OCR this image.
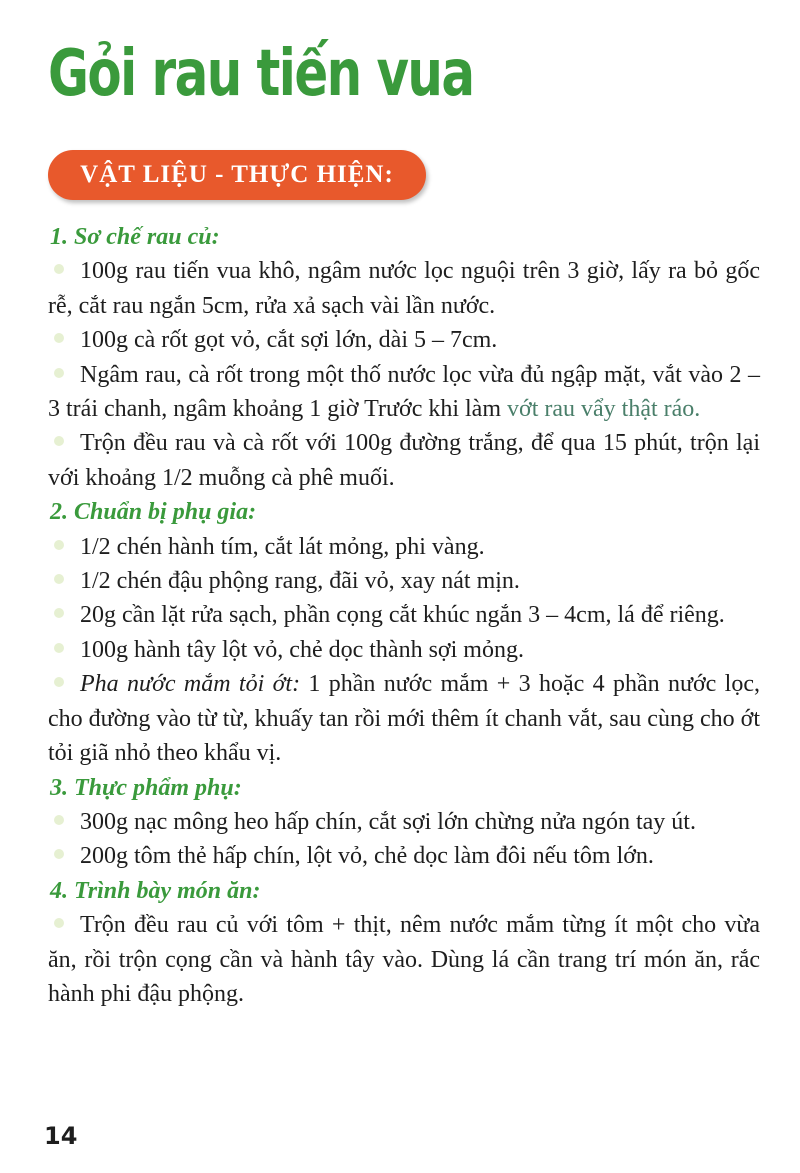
Gỏi rau tiến vua
VẬT LIỆU - THỰC HIỆN:

1. Sơ chế rau củ:

100g rau tiến vua khô, ngâm nước lọc nguội trên 3 giờ, lấy ra bỏ gốc rễ, cắt rau ngắn 5cm, rửa xả sạch vài lần nước.

100g cà rốt gọt vỏ, cắt sợi lớn, dài 5 – 7cm.

Ngâm rau, cà rốt trong một thố nước lọc vừa đủ ngập mặt, vắt vào 2 – 3 trái chanh, ngâm khoảng 1 giờ Trước khi làm vớt rau vẩy thật ráo.

Trộn đều rau và cà rốt với 100g đường trắng, để qua 15 phút, trộn lại với khoảng 1/2 muỗng cà phê muối.

2. Chuẩn bị phụ gia:

1/2 chén hành tím, cắt lát mỏng, phi vàng.

1/2 chén đậu phộng rang, đãi vỏ, xay nát mịn.

20g cần lặt rửa sạch, phần cọng cắt khúc ngắn 3 – 4cm, lá để riêng.

100g hành tây lột vỏ, chẻ dọc thành sợi mỏng.

Pha nước mắm tỏi ớt: 1 phần nước mắm + 3 hoặc 4 phần nước lọc, cho đường vào từ từ, khuấy tan rồi mới thêm ít chanh vắt, sau cùng cho ớt tỏi giã nhỏ theo khẩu vị.

3. Thực phẩm phụ:

300g nạc mông heo hấp chín, cắt sợi lớn chừng nửa ngón tay út.

200g tôm thẻ hấp chín, lột vỏ, chẻ dọc làm đôi nếu tôm lớn.

4. Trình bày món ăn:

Trộn đều rau củ với tôm + thịt, nêm nước mắm từng ít một cho vừa ăn, rồi trộn cọng cần và hành tây vào. Dùng lá cần trang trí món ăn, rắc hành phi đậu phộng.

14
